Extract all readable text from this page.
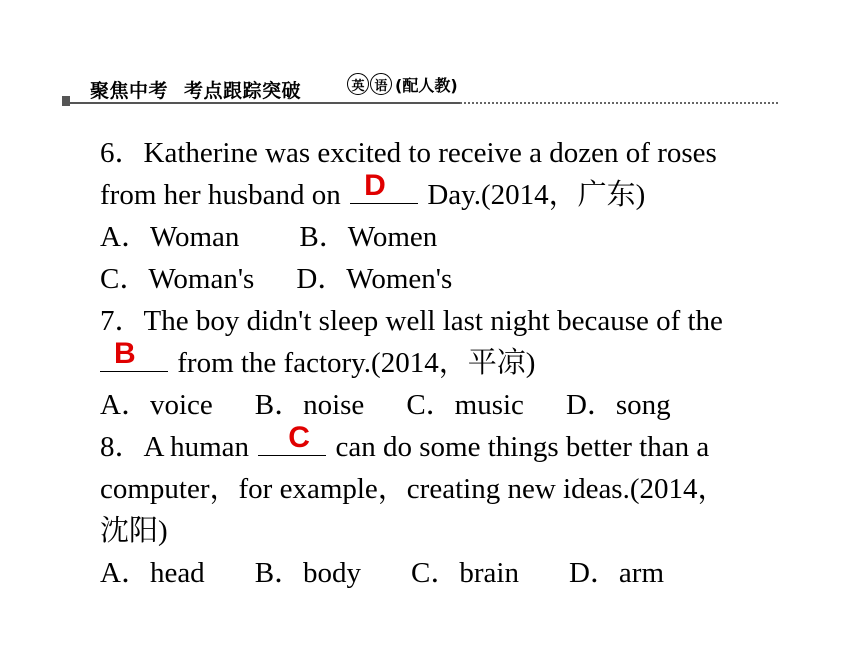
聚焦中考 考点跟踪突破	英 语 (配人教)
6．Katherine was excited to receive a dozen of roses
from her husband on D Day.(2014，广东)
A．Woman B．Women
C．Woman's D．Women's
7．The boy didn't sleep well last night because of the
B from the factory.(2014，平凉)
A．voice B．noise C．music D．song
8．A human C can do some things better than a
computer，for example，creating new ideas.(2014，
沈阳)
A．head B．body C．brain D．arm
